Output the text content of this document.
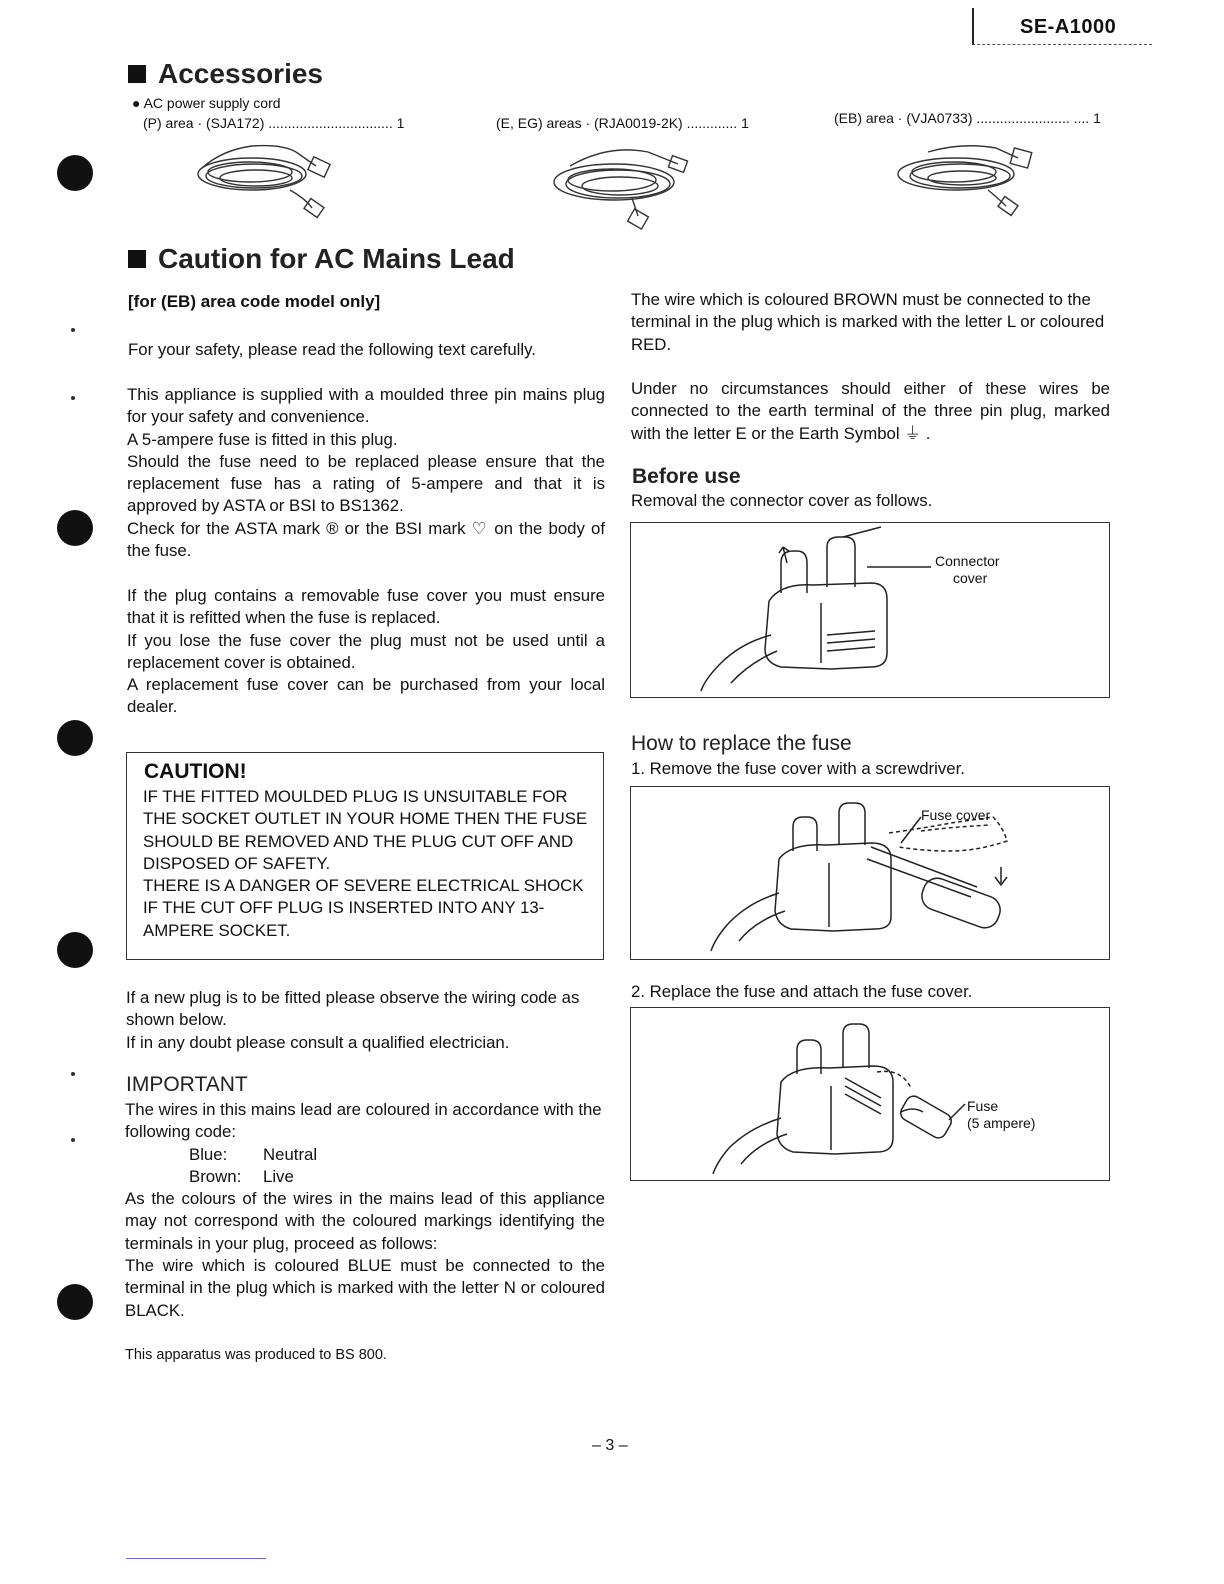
SE-A1000
Accessories
● AC power supply cord
(P) area · (SJA172) ................................ 1	(E, EG) areas · (RJA0019-2K) ............. 1	(EB) area · (VJA0733) ........................ .... 1
Caution for AC Mains Lead
[for (EB) area code model only]
For your safety, please read the following text carefully.
This appliance is supplied with a moulded three pin mains plug for your safety and convenience.
A 5-ampere fuse is fitted in this plug.
Should the fuse need to be replaced please ensure that the replacement fuse has a rating of 5-ampere and that it is approved by ASTA or BSI to BS1362.
Check for the ASTA mark ® or the BSI mark ♡ on the body of the fuse.
If the plug contains a removable fuse cover you must ensure that it is refitted when the fuse is replaced.
If you lose the fuse cover the plug must not be used until a replacement cover is obtained.
A replacement fuse cover can be purchased from your local dealer.
CAUTION!
IF THE FITTED MOULDED PLUG IS UNSUITABLE FOR THE SOCKET OUTLET IN YOUR HOME THEN THE FUSE SHOULD BE REMOVED AND THE PLUG CUT OFF AND DISPOSED OF SAFETY.
THERE IS A DANGER OF SEVERE ELECTRICAL SHOCK IF THE CUT OFF PLUG IS INSERTED INTO ANY 13-AMPERE SOCKET.
If a new plug is to be fitted please observe the wiring code as shown below.
If in any doubt please consult a qualified electrician.
IMPORTANT
The wires in this mains lead are coloured in accordance with the following code:
Blue: Neutral
Brown: Live
As the colours of the wires in the mains lead of this appliance may not correspond with the coloured markings identifying the terminals in your plug, proceed as follows:
The wire which is coloured BLUE must be connected to the terminal in the plug which is marked with the letter N or coloured BLACK.
This apparatus was produced to BS 800.
The wire which is coloured BROWN must be connected to the terminal in the plug which is marked with the letter L or coloured RED.
Under no circumstances should either of these wires be connected to the earth terminal of the three pin plug, marked with the letter E or the Earth Symbol ⏚ .
Before use
Removal the connector cover as follows.
Connector
cover
How to replace the fuse
1. Remove the fuse cover with a screwdriver.
Fuse cover
2. Replace the fuse and attach the fuse cover.
Fuse
(5 ampere)
– 3 –
